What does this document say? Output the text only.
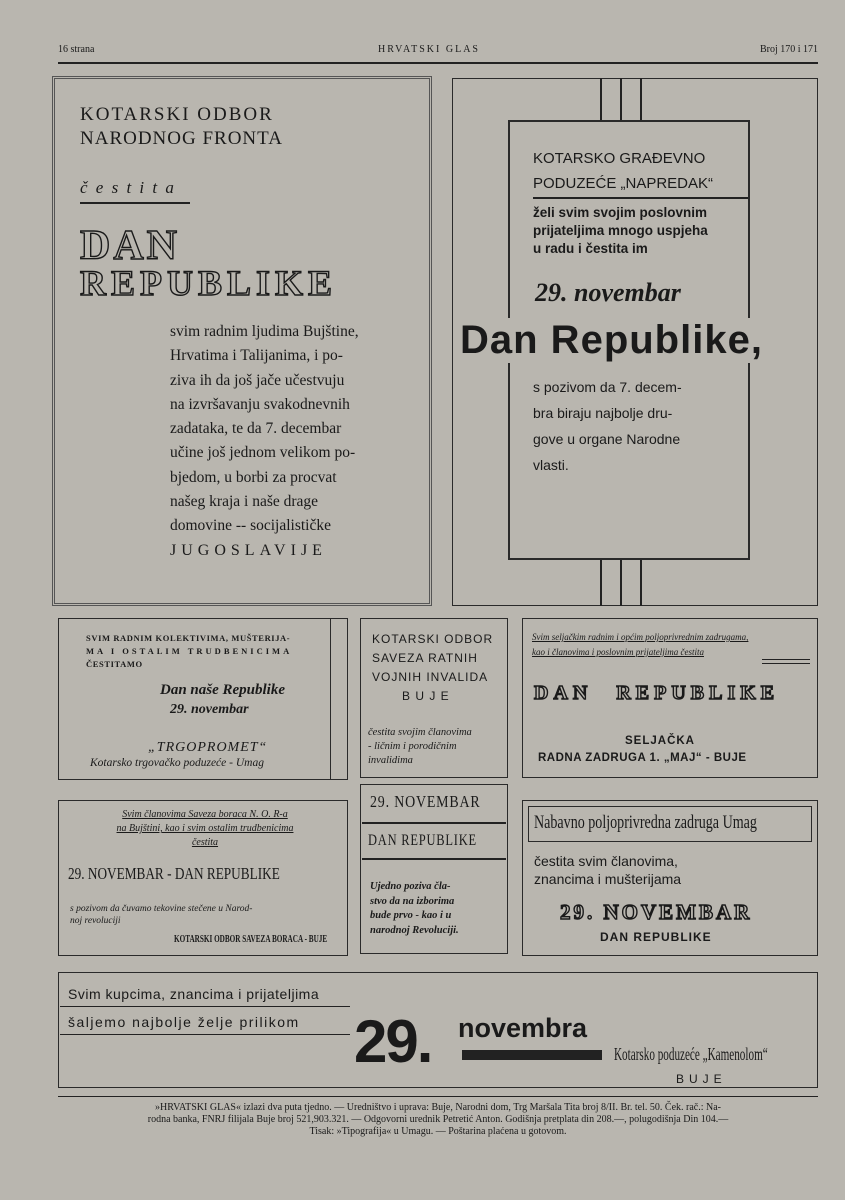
16 strana	HRVATSKI GLAS	Broj 170 i 171
KOTARSKI ODBOR
NARODNOG FRONTA
č e s t i t a
DAN
REPUBLIKE
svim radnim ljudima Bujštine,
Hrvatima i Talijanima, i po-
ziva ih da još jače učestvuju
na izvršavanju svakodnevnih
zadataka, te da 7. decembar
učine još jednom velikom po-
bjedom, u borbi za procvat
našeg kraja i naše drage
domovine -- socijalističke
JUGOSLAVIJE
KOTARSKO GRAĐEVNO
PODUZEĆE „NAPREDAK“
želi svim svojim poslovnim
prijateljima mnogo uspjeha
u radu i čestita im
29. novembar
Dan Republike,
s pozivom da 7. decem-
bra biraju najbolje dru-
gove u organe Narodne
vlasti.
SVIM RADNIM KOLEKTIVIMA, MUŠTERIJA-
MA I OSTALIM TRUDBENICIMA
ČESTITAMO
Dan naše Republike
29. novembar
„TRGOPROMET“
Kotarsko trgovačko poduzeće - Umag
KOTARSKI ODBOR
SAVEZA RATNIH
VOJNIH INVALIDA
B U J E
čestita svojim članovima
- ličnim i porodičnim
invalidima
29. NOVEMBAR
DAN REPUBLIKE
Ujedno poziva čla-
stvo da na izborima
bude prvo - kao i u
narodnoj Revoluciji.
Svim seljačkim radnim i općim poljoprivrednim zadrugama,
kao i članovima i poslovnim prijateljima čestita
DAN REPUBLIKE
SELJAČKA
RADNA ZADRUGA 1. „MAJ“ - BUJE
Svim članovima Saveza boraca N. O. R-a
na Bujštini, kao i svim ostalim trudbenicima
čestita
29. NOVEMBAR - DAN REPUBLIKE
s pozivom da čuvamo tekovine stečene u Narod-
noj revoluciji
KOTARSKI ODBOR SAVEZA BORACA - BUJE
Nabavno poljoprivredna zadruga Umag
čestita svim članovima,
znancima i mušterijama
29. NOVEMBAR
DAN REPUBLIKE
Svim kupcima, znancima i prijateljima
šaljemo najbolje želje prilikom 29. novembra
Kotarsko poduzeće „Kamenolom“
BUJE
»HRVATSKI GLAS« izlazi dva puta tjedno. — Uredništvo i uprava: Buje, Narodni dom, Trg Maršala Tita broj 8/II. Br. tel. 50. Ček. rač.: Na-
rodna banka, FNRJ filijala Buje broj 521,903.321. — Odgovorni urednik Petretić Anton. Godišnja pretplata din 208.—, polugodišnja Din 104.—
Tisak: »Tipografija« u Umagu. — Poštarina plaćena u gotovom.
